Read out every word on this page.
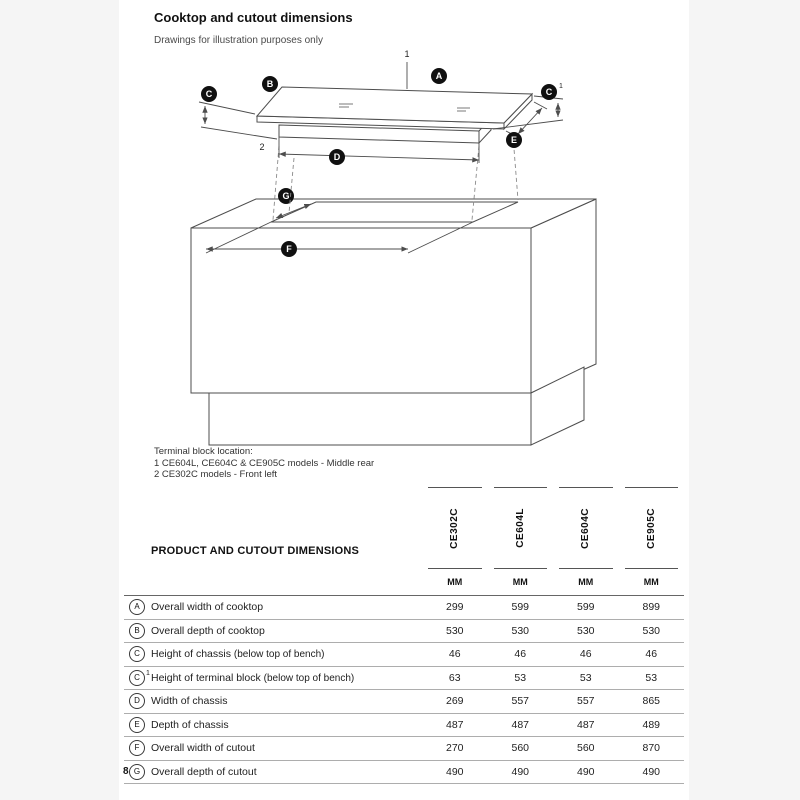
Cooktop and cutout dimensions
Drawings for illustration purposes only
F
G
1
2
A
B
C	C
1
D
E
Terminal block location:
1 CE604L, CE604C & CE905C models - Middle rear
2 CE302C models - Front left
PRODUCT AND CUTOUT DIMENSIONS
CE302C	CE604L	CE604C	CE905C
MM	MM	MM	MM
A	Overall width of cooktop	299	599	599	899
B	Overall depth of cooktop	530	530	530	530
C	Height of chassis (below top of bench)	46	46	46	46
C $^1$ Height of terminal block (below top of bench)	63	53	53	53
D	Width of chassis	269	557	557	865
E	Depth of chassis	487	487	487	489
F	Overall width of cutout	270	560	560	870
G	Overall depth of cutout	490	490	490	490
8
